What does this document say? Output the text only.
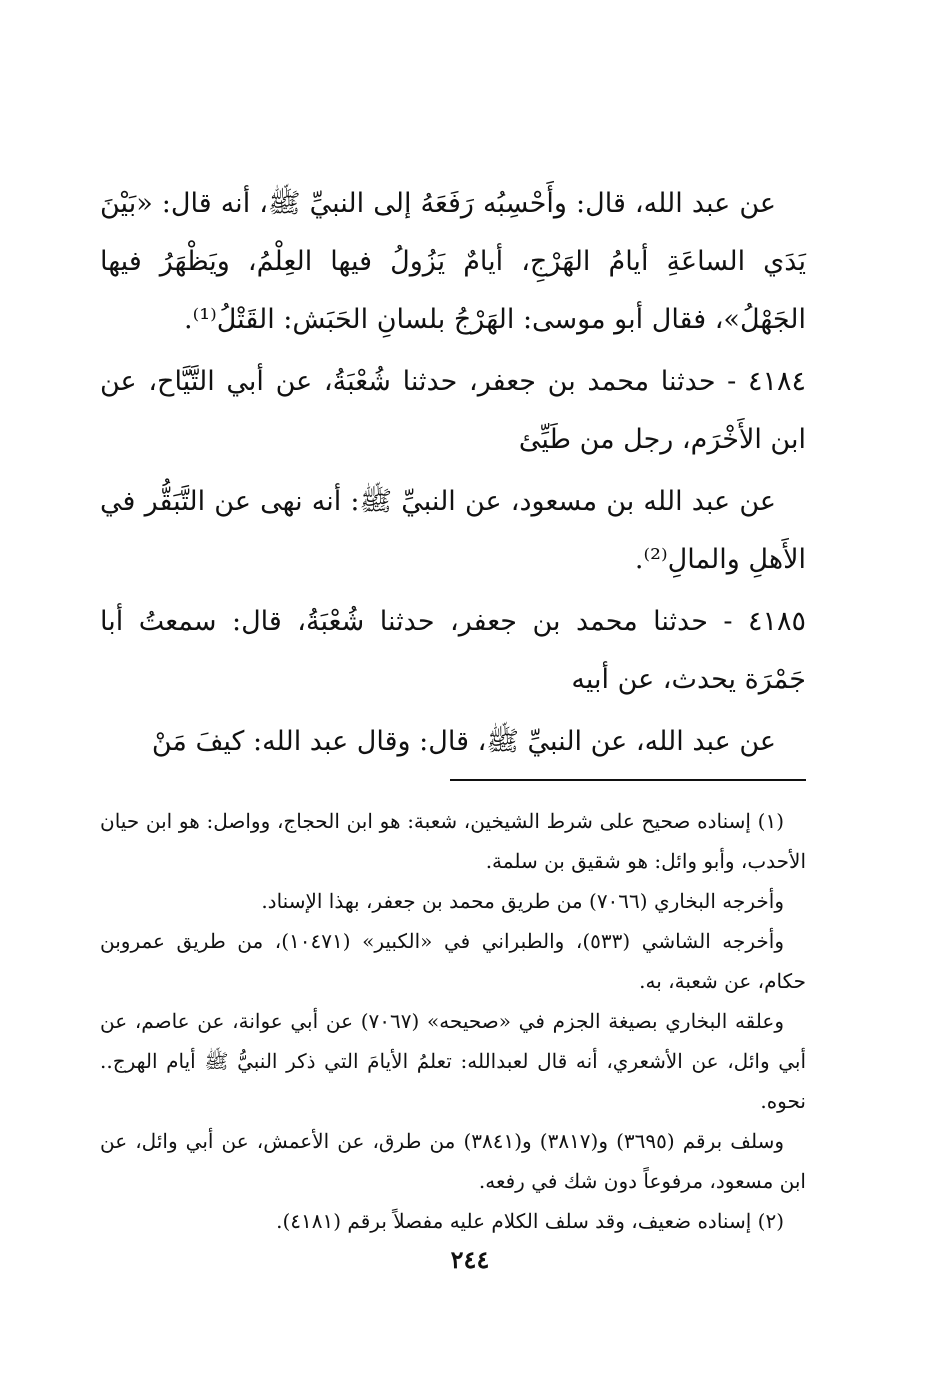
عن عبد الله، قال: وأَحْسِبُه رَفَعَهُ إلى النبيِّ ﷺ، أنه قال: «بَيْنَ يَدَي الساعَةِ أيامُ الهَرْجِ، أيامٌ يَزُولُ فيها العِلْمُ، ويَظْهَرُ فيها الجَهْلُ»، فقال أبو موسى: الهَرْجُ بلسانِ الحَبَش: القَتْلُ⁽¹⁾.

٤١٨٤ - حدثنا محمد بن جعفر، حدثنا شُعْبَةُ، عن أبي التَّيَّاح، عن ابن الأَخْرَم، رجل من طَيِّئ

عن عبد الله بن مسعود، عن النبيِّ ﷺ: أنه نهى عن التَّبَقُّر في الأَهلِ والمالِ⁽²⁾.

٤١٨٥ - حدثنا محمد بن جعفر، حدثنا شُعْبَةُ، قال: سمعتُ أبا جَمْرَة يحدث، عن أبيه

عن عبد الله، عن النبيِّ ﷺ، قال: وقال عبد الله: كيفَ مَنْ

(١) إسناده صحيح على شرط الشيخين، شعبة: هو ابن الحجاج، وواصل: هو ابن حيان الأحدب، وأبو وائل: هو شقيق بن سلمة.

وأخرجه البخاري (٧٠٦٦) من طريق محمد بن جعفر، بهذا الإسناد.

وأخرجه الشاشي (٥٣٣)، والطبراني في «الكبير» (١٠٤٧١)، من طريق عمروبن حكام، عن شعبة، به.

وعلقه البخاري بصيغة الجزم في «صحيحه» (٧٠٦٧) عن أبي عوانة، عن عاصم، عن أبي وائل، عن الأشعري، أنه قال لعبدالله: تعلمُ الأيامَ التي ذكر النبيُّ ﷺ أيام الهرج.. نحوه.

وسلف برقم (٣٦٩٥) و(٣٨١٧) و(٣٨٤١) من طرق، عن الأعمش، عن أبي وائل، عن ابن مسعود، مرفوعاً دون شك في رفعه.

(٢) إسناده ضعيف، وقد سلف الكلام عليه مفصلاً برقم (٤١٨١).

٢٤٤
